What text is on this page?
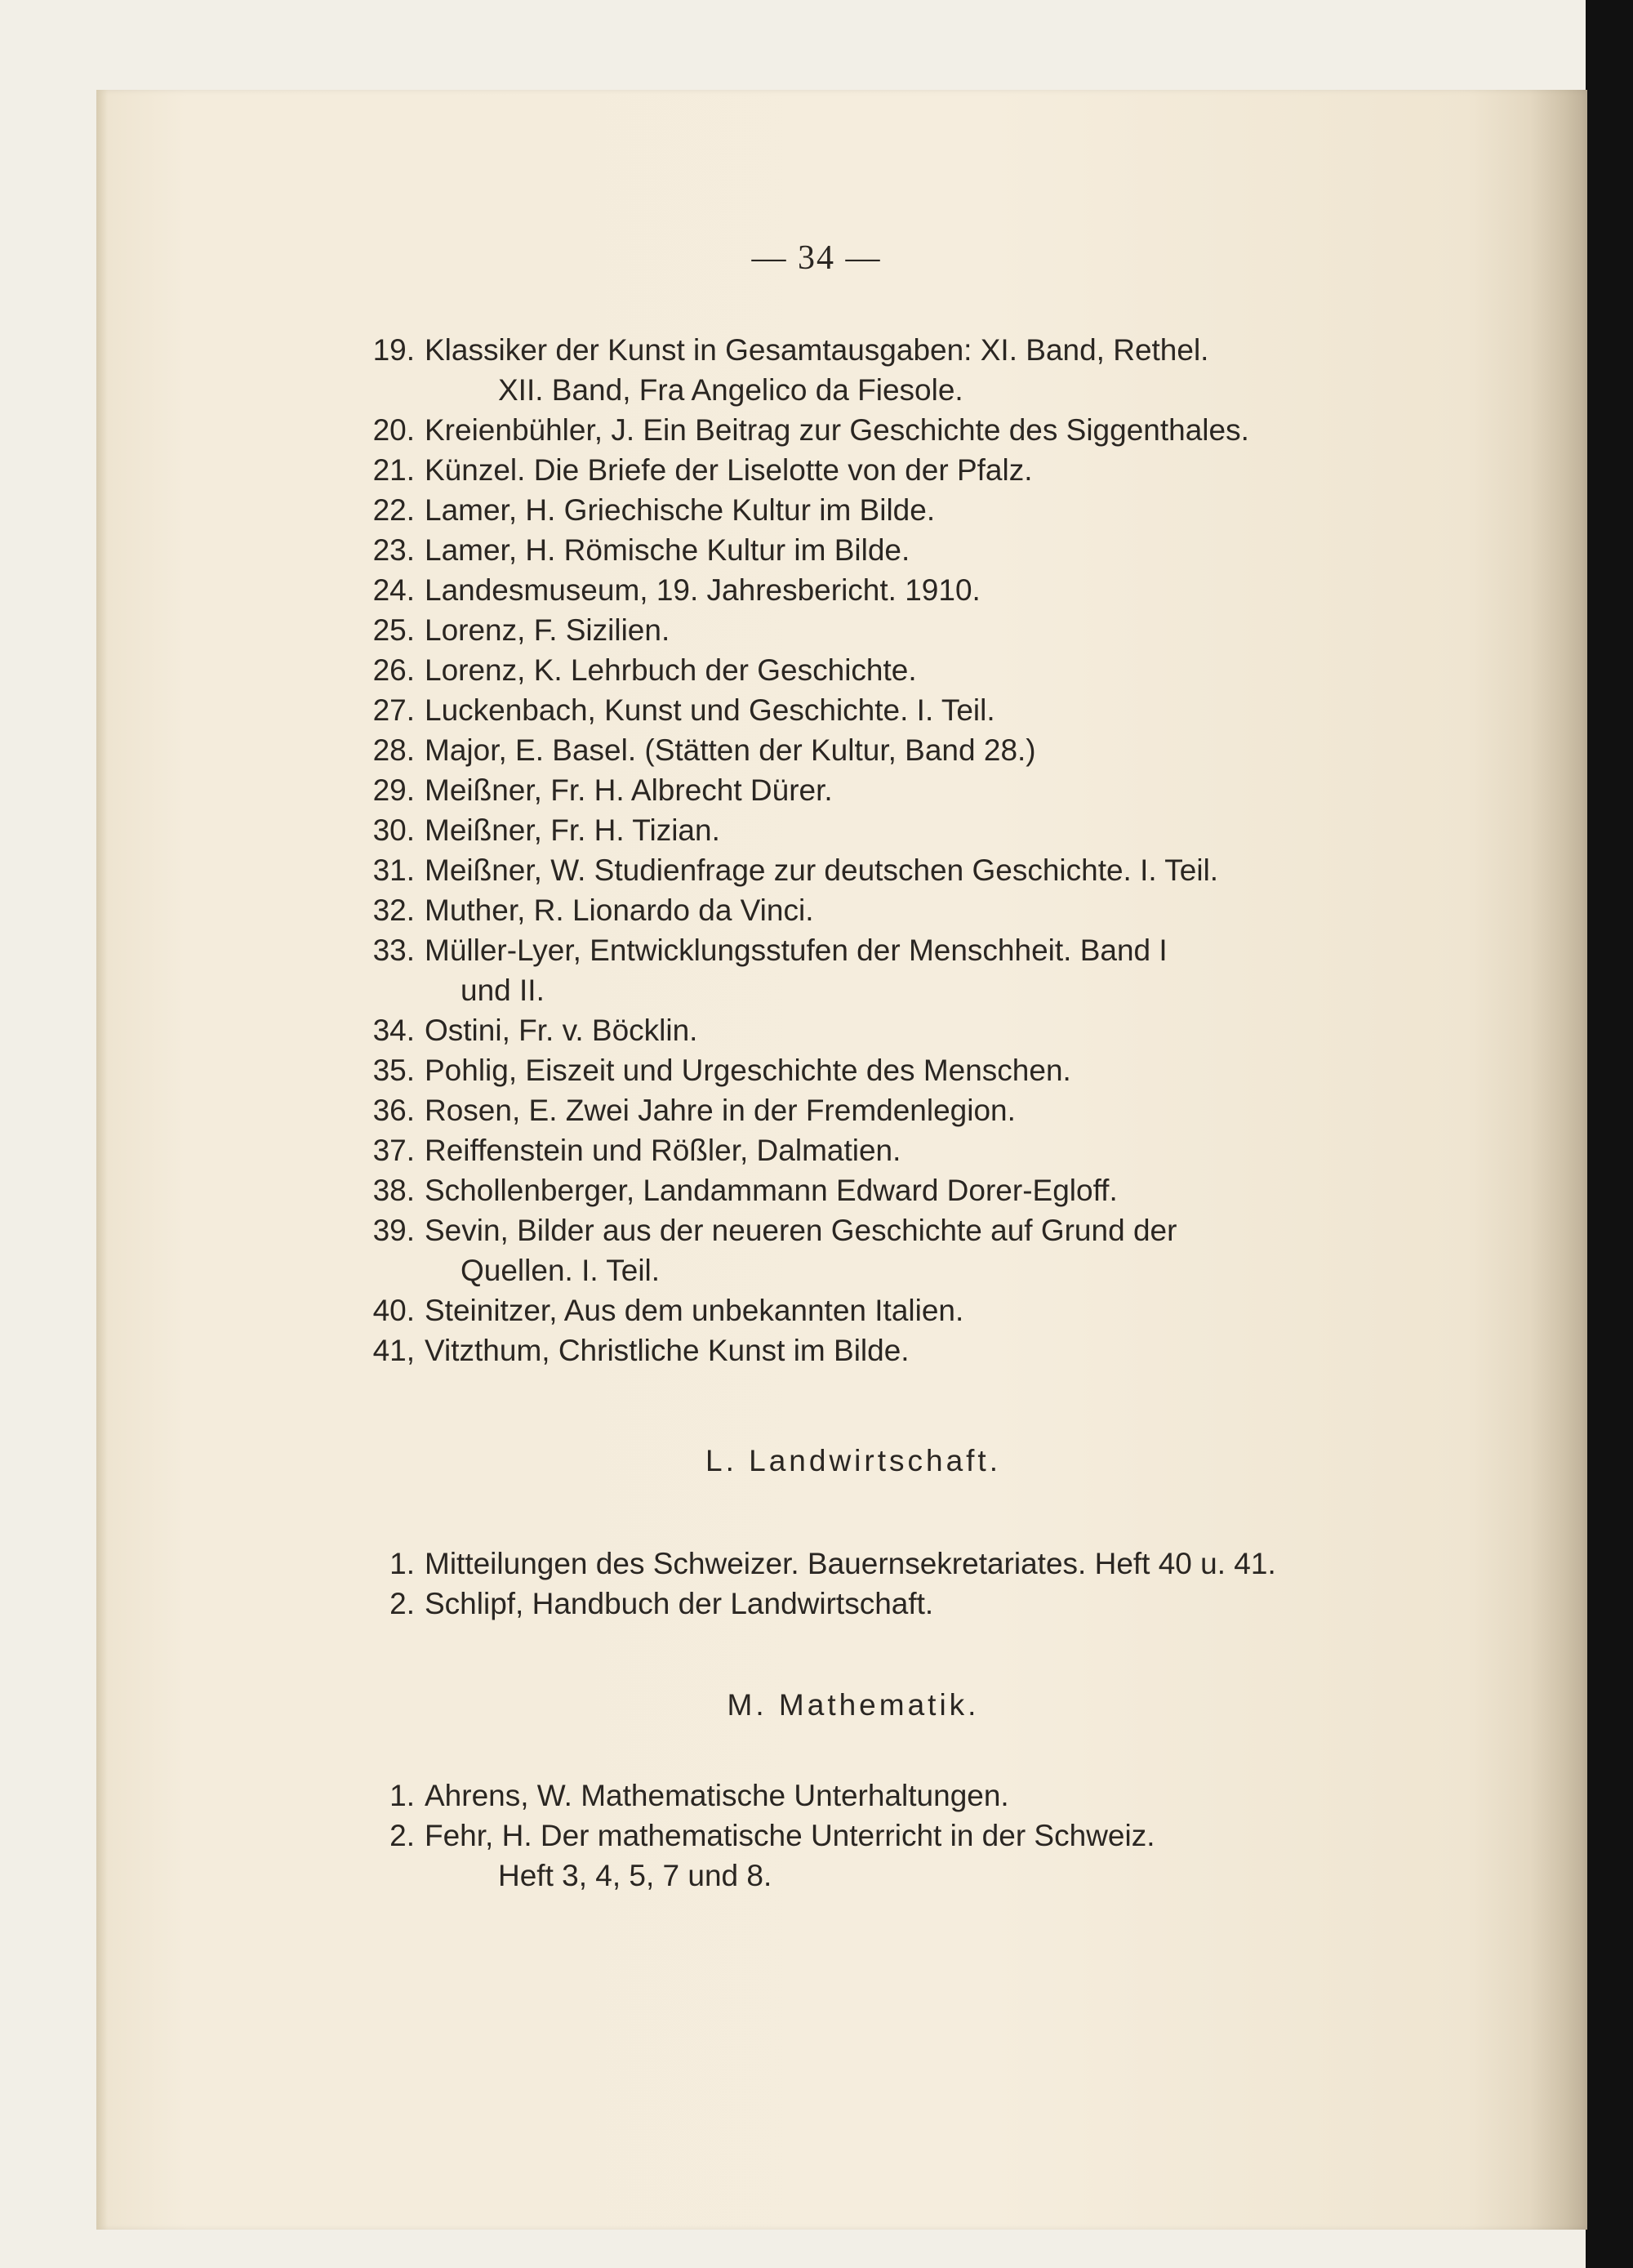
— 34 —
19. Klassiker der Kunst in Gesamtausgaben: XI. Band, Rethel.
XII. Band, Fra Angelico da Fiesole.
20. Kreienbühler, J. Ein Beitrag zur Geschichte des Siggenthales.
21. Künzel. Die Briefe der Liselotte von der Pfalz.
22. Lamer, H. Griechische Kultur im Bilde.
23. Lamer, H. Römische Kultur im Bilde.
24. Landesmuseum, 19. Jahresbericht. 1910.
25. Lorenz, F. Sizilien.
26. Lorenz, K. Lehrbuch der Geschichte.
27. Luckenbach, Kunst und Geschichte. I. Teil.
28. Major, E. Basel. (Stätten der Kultur, Band 28.)
29. Meißner, Fr. H. Albrecht Dürer.
30. Meißner, Fr. H. Tizian.
31. Meißner, W. Studienfrage zur deutschen Geschichte. I. Teil.
32. Muther, R. Lionardo da Vinci.
33. Müller-Lyer, Entwicklungsstufen der Menschheit. Band I
und II.
34. Ostini, Fr. v. Böcklin.
35. Pohlig, Eiszeit und Urgeschichte des Menschen.
36. Rosen, E. Zwei Jahre in der Fremdenlegion.
37. Reiffenstein und Rößler, Dalmatien.
38. Schollenberger, Landammann Edward Dorer-Egloff.
39. Sevin, Bilder aus der neueren Geschichte auf Grund der
Quellen. I. Teil.
40. Steinitzer, Aus dem unbekannten Italien.
41, Vitzthum, Christliche Kunst im Bilde.
L. Landwirtschaft.
1. Mitteilungen des Schweizer. Bauernsekretariates. Heft 40 u. 41.
2. Schlipf, Handbuch der Landwirtschaft.
M. Mathematik.
1. Ahrens, W. Mathematische Unterhaltungen.
2. Fehr, H. Der mathematische Unterricht in der Schweiz.
Heft 3, 4, 5, 7 und 8.
